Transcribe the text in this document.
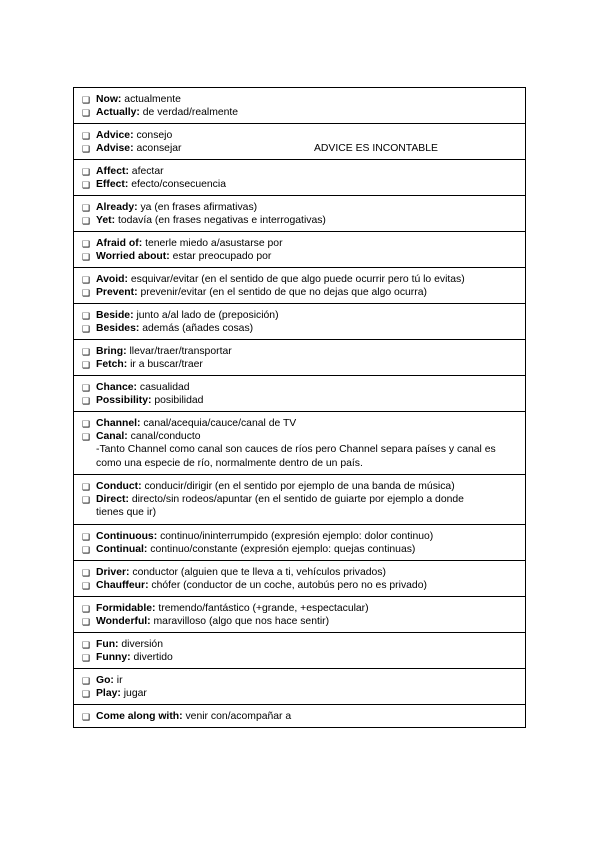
❑ Now: actualmente
❑ Actually: de verdad/realmente
❑ Advice: consejo
❑ Advise: aconsejar	ADVICE ES INCONTABLE
❑ Affect: afectar
❑ Effect: efecto/consecuencia
❑ Already: ya (en frases afirmativas)
❑ Yet: todavía (en frases negativas e interrogativas)
❑ Afraid of: tenerle miedo a/asustarse por
❑ Worried about: estar preocupado por
❑ Avoid: esquivar/evitar (en el sentido de que algo puede ocurrir pero tú lo evitas)
❑ Prevent: prevenir/evitar (en el sentido de que no dejas que algo ocurra)
❑ Beside: junto a/al lado de (preposición)
❑ Besides: además (añades cosas)
❑ Bring: llevar/traer/transportar
❑ Fetch: ir a buscar/traer
❑ Chance: casualidad
❑ Possibility: posibilidad
❑ Channel: canal/acequia/cauce/canal de TV
❑ Canal: canal/conducto
-Tanto Channel como canal son cauces de ríos pero Channel separa países y canal es como una especie de río, normalmente dentro de un país.
❑ Conduct: conducir/dirigir (en el sentido por ejemplo de una banda de música)
❑ Direct: directo/sin rodeos/apuntar (en el sentido de guiarte por ejemplo a donde
tienes que ir)
❑ Continuous: continuo/ininterrumpido (expresión ejemplo: dolor continuo)
❑ Continual: continuo/constante (expresión ejemplo: quejas continuas)
❑ Driver: conductor (alguien que te lleva a ti, vehículos privados)
❑ Chauffeur: chófer (conductor de un coche, autobús pero no es privado)
❑ Formidable: tremendo/fantástico (+grande, +espectacular)
❑ Wonderful: maravilloso (algo que nos hace sentir)
❑ Fun: diversión
❑ Funny: divertido
❑ Go: ir
❑ Play: jugar
❑ Come along with: venir con/acompañar a
